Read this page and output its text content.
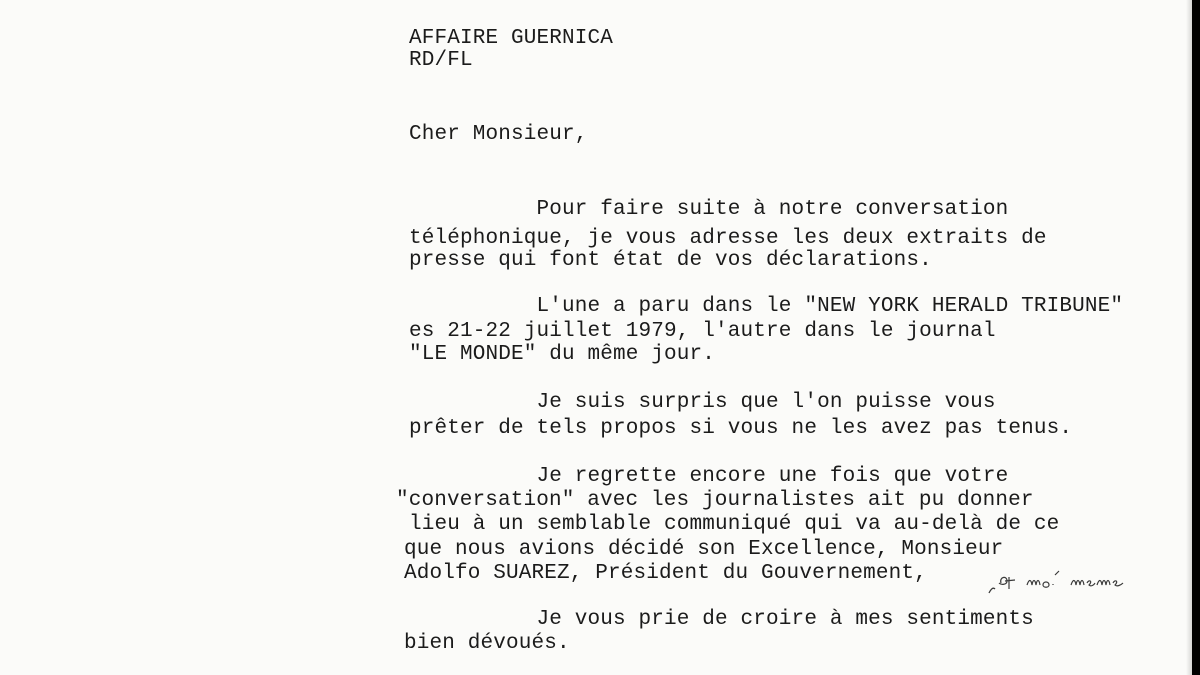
AFFAIRE GUERNICA

RD/FL

Cher Monsieur,

Pour faire suite à notre conversation

téléphonique, je vous adresse les deux extraits de

presse qui font état de vos déclarations.

L'une a paru dans le "NEW YORK HERALD TRIBUNE"

es 21-22 juillet 1979, l'autre dans le journal

"LE MONDE" du même jour.

Je suis surpris que l'on puisse vous

prêter de tels propos si vous ne les avez pas tenus.

Je regrette encore une fois que votre

"conversation" avec les journalistes ait pu donner

lieu à un semblable communiqué qui va au-delà de ce

que nous avions décidé son Excellence, Monsieur

Adolfo SUAREZ, Président du Gouvernement,

Je vous prie de croire à mes sentiments

bien dévoués.
